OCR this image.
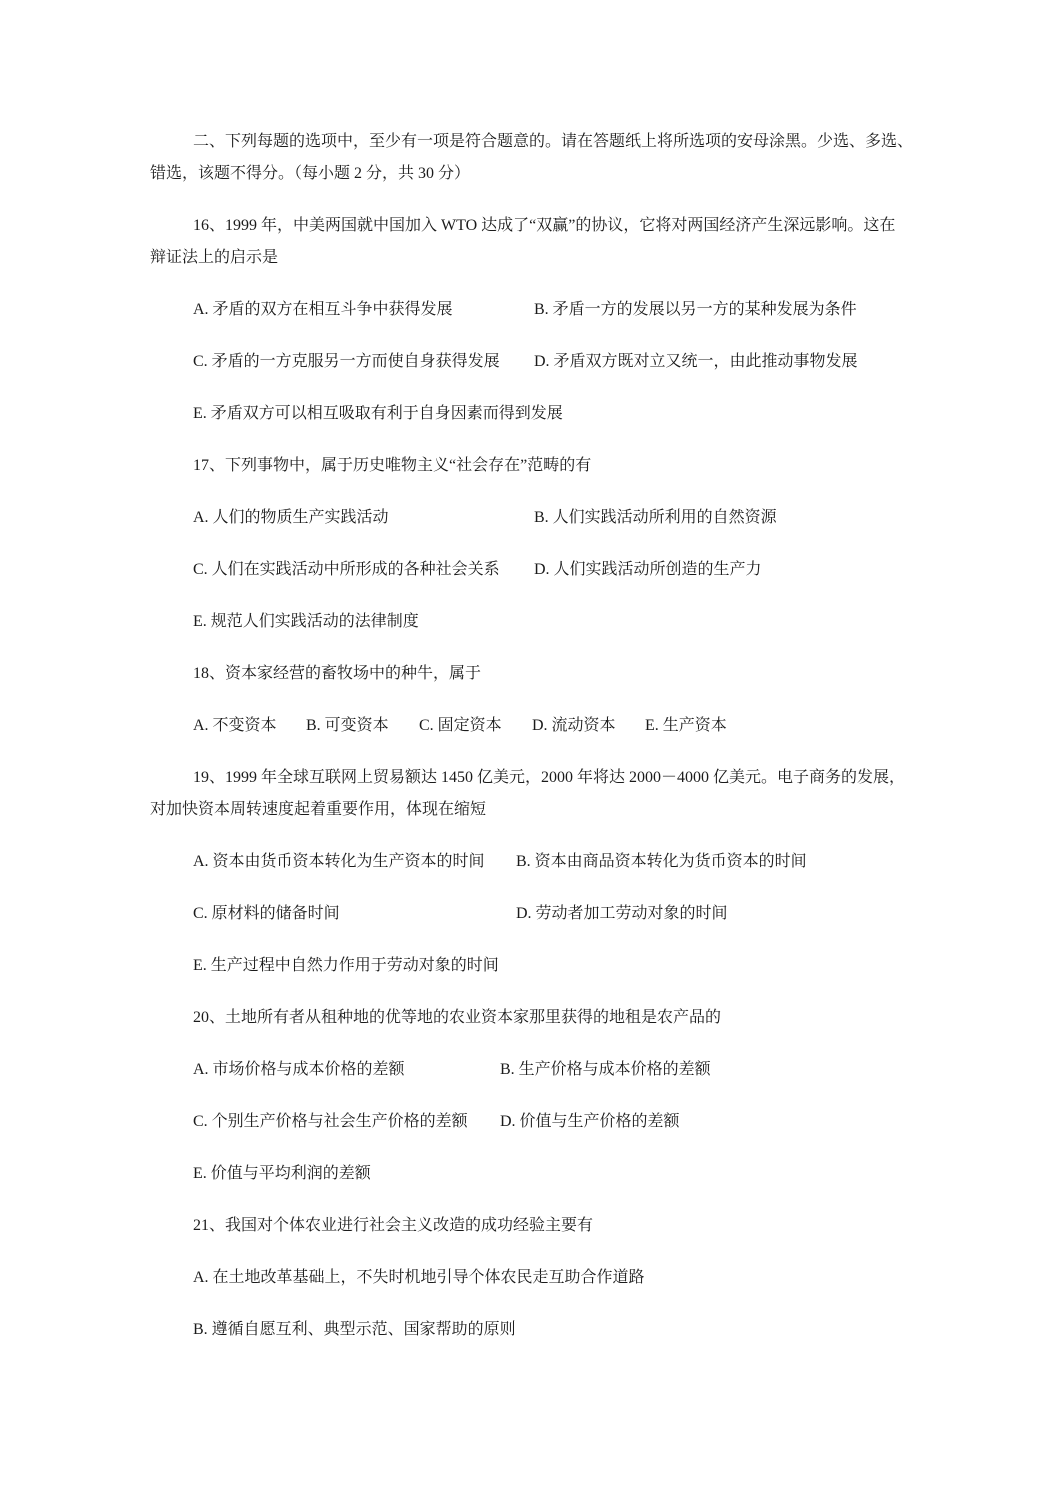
二、下列每题的选项中，至少有一项是符合题意的。请在答题纸上将所选项的安母涂黑。少选、多选、
错选，该题不得分。（每小题 2 分，共 30 分）
16、1999 年，中美两国就中国加入 WTO 达成了“双赢”的协议，它将对两国经济产生深远影响。这在
辩证法上的启示是
A. 矛盾的双方在相互斗争中获得发展	B. 矛盾一方的发展以另一方的某种发展为条件
C. 矛盾的一方克服另一方而使自身获得发展	D. 矛盾双方既对立又统一，由此推动事物发展
E. 矛盾双方可以相互吸取有利于自身因素而得到发展
17、下列事物中，属于历史唯物主义“社会存在”范畴的有
A. 人们的物质生产实践活动	B. 人们实践活动所利用的自然资源
C. 人们在实践活动中所形成的各种社会关系	D. 人们实践活动所创造的生产力
E. 规范人们实践活动的法律制度
18、资本家经营的畜牧场中的种牛，属于
A. 不变资本	B. 可变资本	C. 固定资本	D. 流动资本	E. 生产资本
19、1999 年全球互联网上贸易额达 1450 亿美元，2000 年将达 2000－4000 亿美元。电子商务的发展，
对加快资本周转速度起着重要作用，体现在缩短
A. 资本由货币资本转化为生产资本的时间	B. 资本由商品资本转化为货币资本的时间
C. 原材料的储备时间	D. 劳动者加工劳动对象的时间
E. 生产过程中自然力作用于劳动对象的时间
20、土地所有者从租种地的优等地的农业资本家那里获得的地租是农产品的
A. 市场价格与成本价格的差额	B. 生产价格与成本价格的差额
C. 个别生产价格与社会生产价格的差额	D. 价值与生产价格的差额
E. 价值与平均利润的差额
21、我国对个体农业进行社会主义改造的成功经验主要有
A. 在土地改革基础上，不失时机地引导个体农民走互助合作道路
B. 遵循自愿互利、典型示范、国家帮助的原则
